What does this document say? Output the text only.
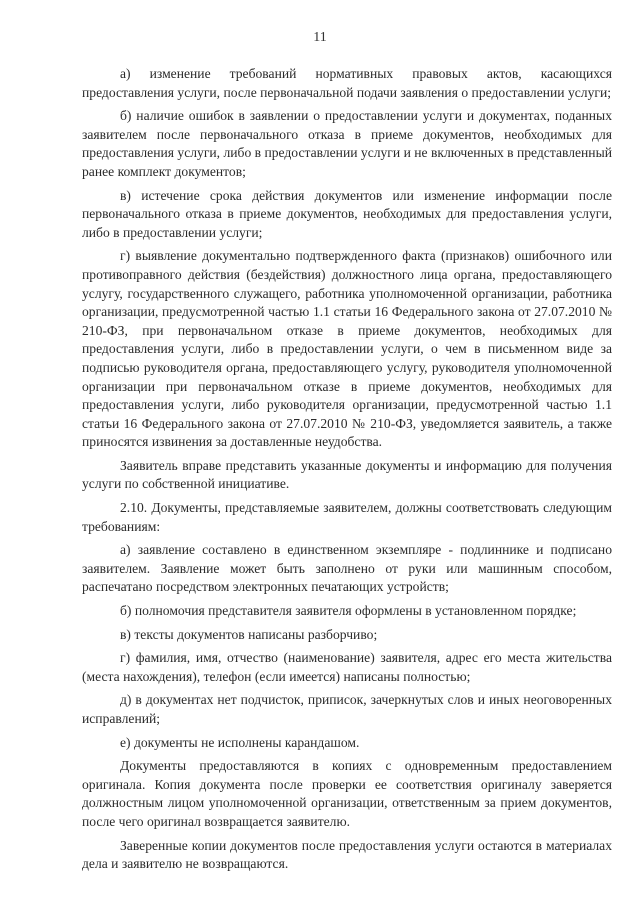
11

а) изменение требований нормативных правовых актов, касающихся предоставления услуги, после первоначальной подачи заявления о предоставлении услуги;

б) наличие ошибок в заявлении о предоставлении услуги и документах, поданных заявителем после первоначального отказа в приеме документов, необходимых для предоставления услуги, либо в предоставлении услуги и не включенных в представленный ранее комплект документов;

в) истечение срока действия документов или изменение информации после первоначального отказа в приеме документов, необходимых для предоставления услуги, либо в предоставлении услуги;

г) выявление документально подтвержденного факта (признаков) ошибочного или противоправного действия (бездействия) должностного лица органа, предоставляющего услугу, государственного служащего, работника уполномоченной организации, работника организации, предусмотренной частью 1.1 статьи 16 Федерального закона от 27.07.2010 № 210-ФЗ, при первоначальном отказе в приеме документов, необходимых для предоставления услуги, либо в предоставлении услуги, о чем в письменном виде за подписью руководителя органа, предоставляющего услугу, руководителя уполномоченной организации при первоначальном отказе в приеме документов, необходимых для предоставления услуги, либо руководителя организации, предусмотренной частью 1.1 статьи 16 Федерального закона от 27.07.2010 № 210-ФЗ, уведомляется заявитель, а также приносятся извинения за доставленные неудобства.

Заявитель вправе представить указанные документы и информацию для получения услуги по собственной инициативе.

2.10. Документы, представляемые заявителем, должны соответствовать следующим требованиям:

а) заявление составлено в единственном экземпляре - подлиннике и подписано заявителем. Заявление может быть заполнено от руки или машинным способом, распечатано посредством электронных печатающих устройств;

б) полномочия представителя заявителя оформлены в установленном порядке;

в) тексты документов написаны разборчиво;

г) фамилия, имя, отчество (наименование) заявителя, адрес его места жительства (места нахождения), телефон (если имеется) написаны полностью;

д) в документах нет подчисток, приписок, зачеркнутых слов и иных неоговоренных исправлений;

е) документы не исполнены карандашом.

Документы предоставляются в копиях с одновременным предоставлением оригинала. Копия документа после проверки ее соответствия оригиналу заверяется должностным лицом уполномоченной организации, ответственным за прием документов, после чего оригинал возвращается заявителю.

Заверенные копии документов после предоставления услуги остаются в материалах дела и заявителю не возвращаются.
